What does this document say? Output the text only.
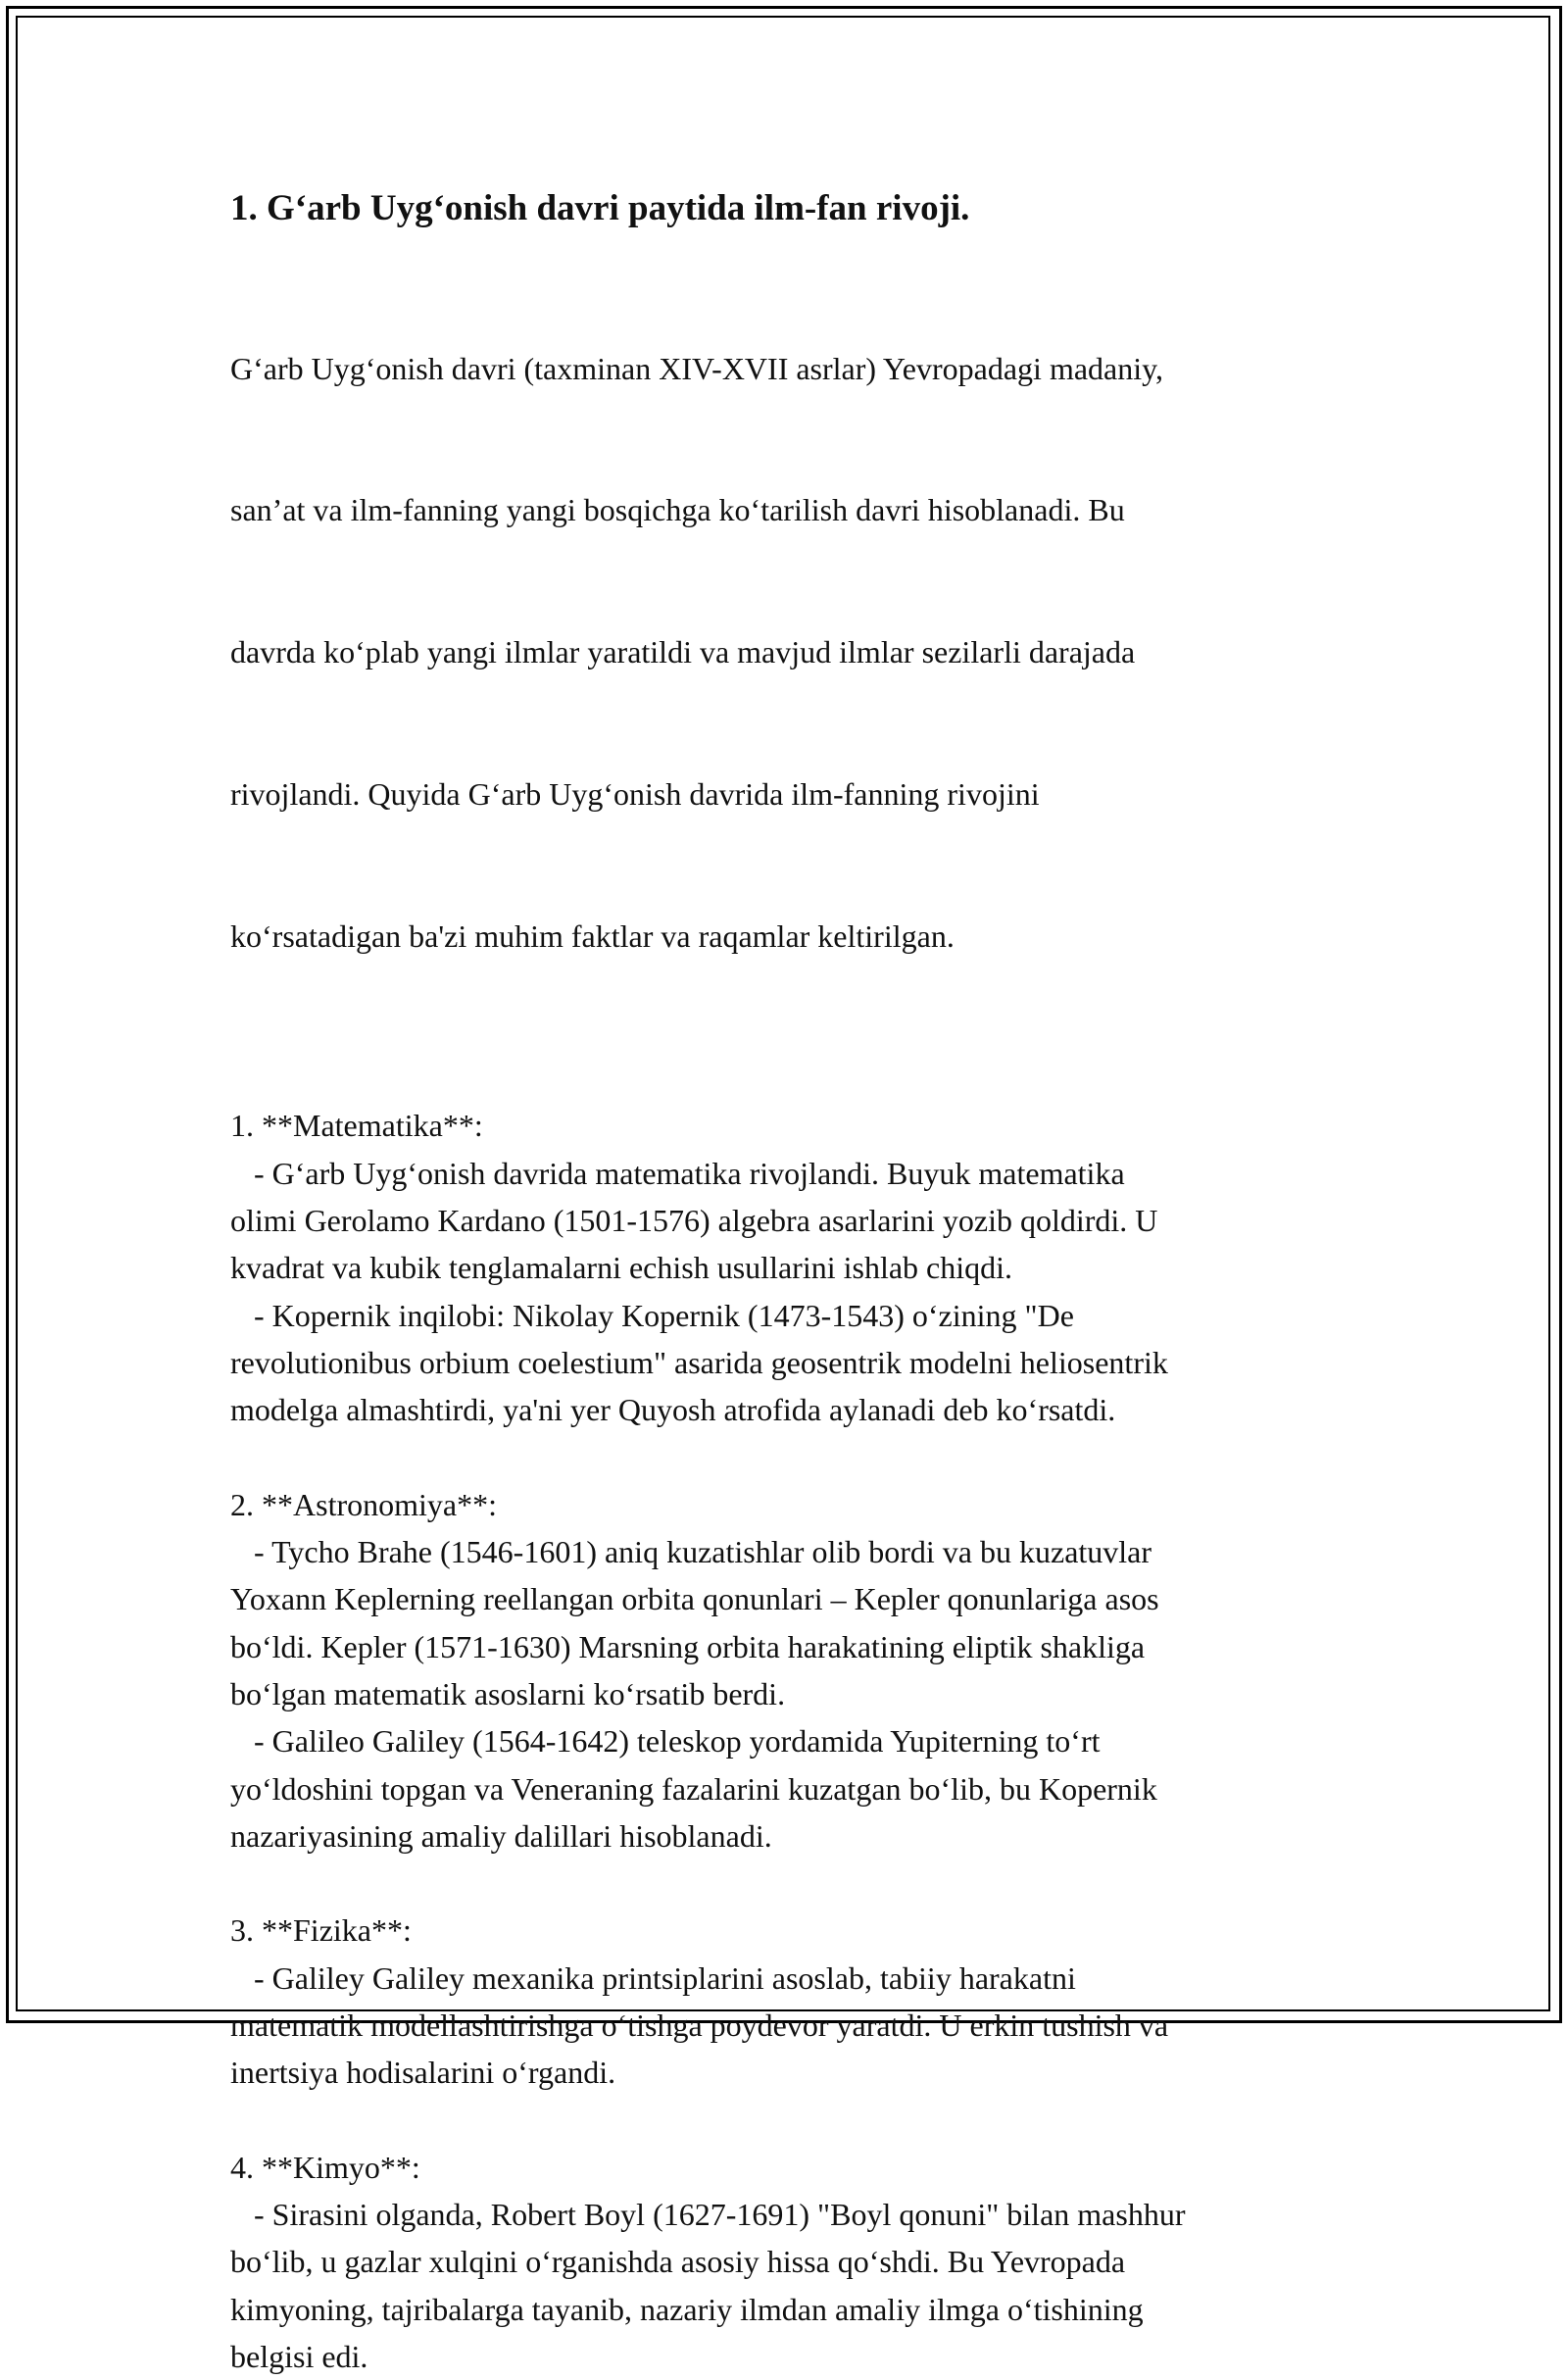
1. G‘arb Uyg‘onish davri paytida ilm-fan rivoji.

G‘arb Uyg‘onish davri (taxminan XIV-XVII asrlar) Yevropadagi madaniy,

san’at va ilm-fanning yangi bosqichga ko‘tarilish davri hisoblanadi. Bu

davrda ko‘plab yangi ilmlar yaratildi va mavjud ilmlar sezilarli darajada

rivojlandi. Quyida G‘arb Uyg‘onish davrida ilm-fanning rivojini

ko‘rsatadigan ba'zi muhim faktlar va raqamlar keltirilgan.

1. **Matematika**:
- G‘arb Uyg‘onish davrida matematika rivojlandi. Buyuk matematika
olimi Gerolamo Kardano (1501-1576) algebra asarlarini yozib qoldirdi. U
kvadrat va kubik tenglamalarni echish usullarini ishlab chiqdi.
- Kopernik inqilobi: Nikolay Kopernik (1473-1543) o‘zining "De
revolutionibus orbium coelestium" asarida geosentrik modelni heliosentrik
modelga almashtirdi, ya'ni yer Quyosh atrofida aylanadi deb ko‘rsatdi.
2. **Astronomiya**:
- Tycho Brahe (1546-1601) aniq kuzatishlar olib bordi va bu kuzatuvlar
Yoxann Keplerning reellangan orbita qonunlari – Kepler qonunlariga asos
bo‘ldi. Kepler (1571-1630) Marsning orbita harakatining eliptik shakliga
bo‘lgan matematik asoslarni ko‘rsatib berdi.
- Galileo Galiley (1564-1642) teleskop yordamida Yupiterning to‘rt
yo‘ldoshini topgan va Veneraning fazalarini kuzatgan bo‘lib, bu Kopernik
nazariyasining amaliy dalillari hisoblanadi.
3. **Fizika**:
- Galiley Galiley mexanika printsiplarini asoslab, tabiiy harakatni
matematik modellashtirishga o‘tishga poydevor yaratdi. U erkin tushish va
inertsiya hodisalarini o‘rgandi.
4. **Kimyo**:
- Sirasini olganda, Robert Boyl (1627-1691) "Boyl qonuni" bilan mashhur
bo‘lib, u gazlar xulqini o‘rganishda asosiy hissa qo‘shdi. Bu Yevropada
kimyoning, tajribalarga tayanib, nazariy ilmdan amaliy ilmga o‘tishining
belgisi edi.
